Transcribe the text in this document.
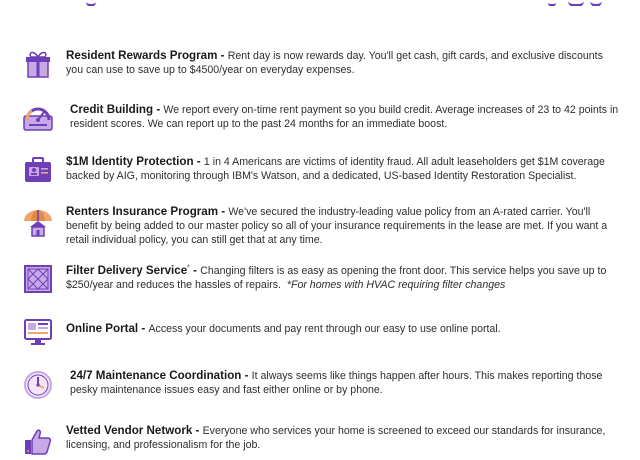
Resident Rewards Program - Rent day is now rewards day. You'll get cash, gift cards, and exclusive discounts you can use to save up to $4500/year on everyday expenses.
Credit Building - We report every on-time rent payment so you build credit. Average increases of 23 to 42 points in resident scores. We can report up to the past 24 months for an immediate boost.
$1M Identity Protection - 1 in 4 Americans are victims of identity fraud. All adult leaseholders get $1M coverage backed by AIG, monitoring through IBM's Watson, and a dedicated, US-based Identity Restoration Specialist.
Renters Insurance Program - We've secured the industry-leading value policy from an A-rated carrier. You'll benefit by being added to our master policy so all of your insurance requirements in the lease are met. If you want a retail individual policy, you can still get that at any time.
Filter Delivery Service* - Changing filters is as easy as opening the front door. This service helps you save up to $250/year and reduces the hassles of repairs. *For homes with HVAC requiring filter changes
Online Portal - Access your documents and pay rent through our easy to use online portal.
24/7 Maintenance Coordination - It always seems like things happen after hours. This makes reporting those pesky maintenance issues easy and fast either online or by phone.
Vetted Vendor Network - Everyone who services your home is screened to exceed our standards for insurance, licensing, and professionalism for the job.
